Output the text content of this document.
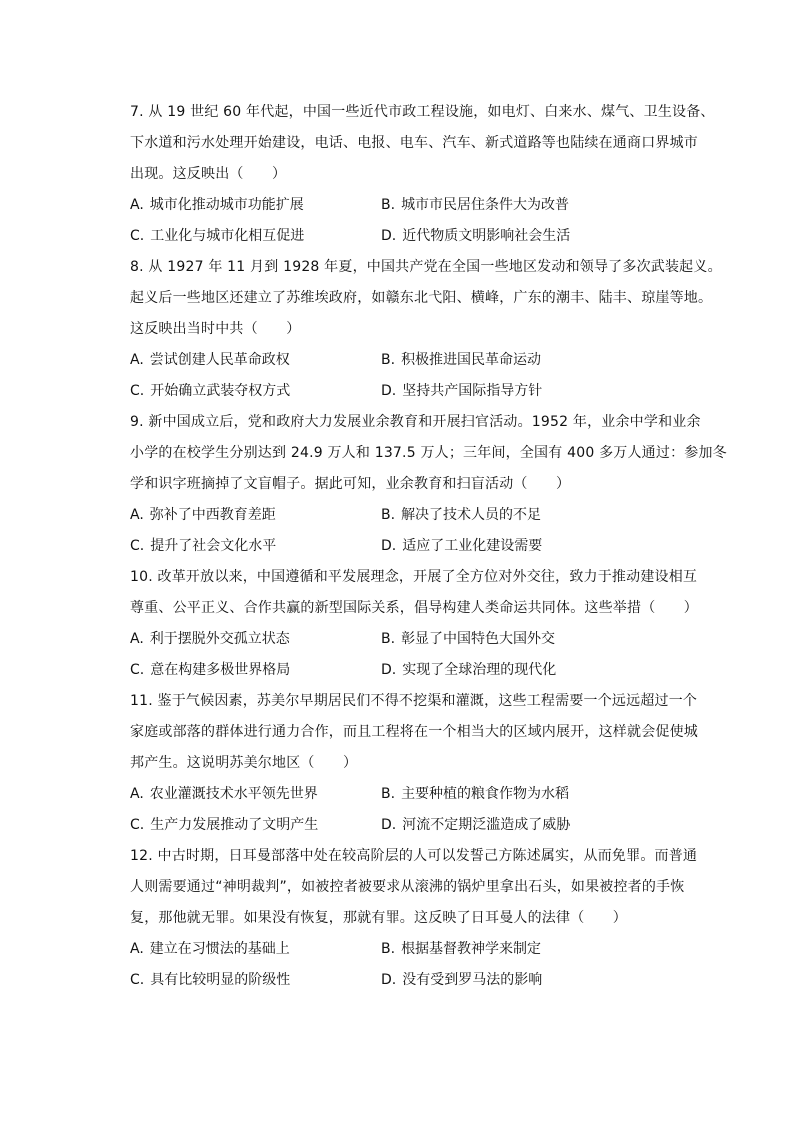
7. 从 19 世纪 60 年代起，中国一些近代市政工程设施，如电灯、白来水、煤气、卫生设备、
下水道和污水处理开始建设，电话、电报、电车、汽车、新式道路等也陆续在通商口界城市
出现。这反映出（　　）
A. 城市化推动城市功能扩展	B. 城市市民居住条件大为改普
C. 工业化与城市化相互促进	D. 近代物质文明影响社会生活
8. 从 1927 年 11 月到 1928 年夏，中国共产党在全国一些地区发动和领导了多次武装起义。
起义后一些地区还建立了苏维埃政府，如赣东北弋阳、横峰，广东的潮丰、陆丰、琼崖等地。
这反映出当时中共（　　）
A. 尝试创建人民革命政权	B. 积极推进国民革命运动
C. 开始确立武装夺权方式	D. 坚持共产国际指导方针
9. 新中国成立后，党和政府大力发展业余教育和开展扫官活动。1952 年，业余中学和业余
小学的在校学生分别达到 24.9 万人和 137.5 万人；三年间，全国有 400 多万人通过：参加冬
学和识字班摘掉了文盲帽子。据此可知，业余教育和扫盲活动（　　）
A. 弥补了中西教育差距	B. 解决了技术人员的不足
C. 提升了社会文化水平	D. 适应了工业化建设需要
10. 改革开放以来，中国遵循和平发展理念，开展了全方位对外交往，致力于推动建设相互
尊重、公平正义、合作共赢的新型国际关系，倡导构建人类命运共同体。这些举措（　　）
A. 利于摆脱外交孤立状态	B. 彰显了中国特色大国外交
C. 意在构建多极世界格局	D. 实现了全球治理的现代化
11. 鉴于气候因素，苏美尔早期居民们不得不挖渠和灌溉，这些工程需要一个远远超过一个
家庭或部落的群体进行通力合作，而且工程将在一个相当大的区域内展开，这样就会促使城
邦产生。这说明苏美尔地区（　　）
A. 农业灌溉技术水平领先世界	B. 主要种植的粮食作物为水稻
C. 生产力发展推动了文明产生	D. 河流不定期泛滥造成了威胁
12. 中古时期，日耳曼部落中处在较高阶层的人可以发誓己方陈述属实，从而免罪。而普通
人则需要通过“神明裁判”，如被控者被要求从滚沸的锅炉里拿出石头，如果被控者的手恢
复，那他就无罪。如果没有恢复，那就有罪。这反映了日耳曼人的法律（　　）
A. 建立在习惯法的基础上	B. 根据基督教神学来制定
C. 具有比较明显的阶级性	D. 没有受到罗马法的影响
